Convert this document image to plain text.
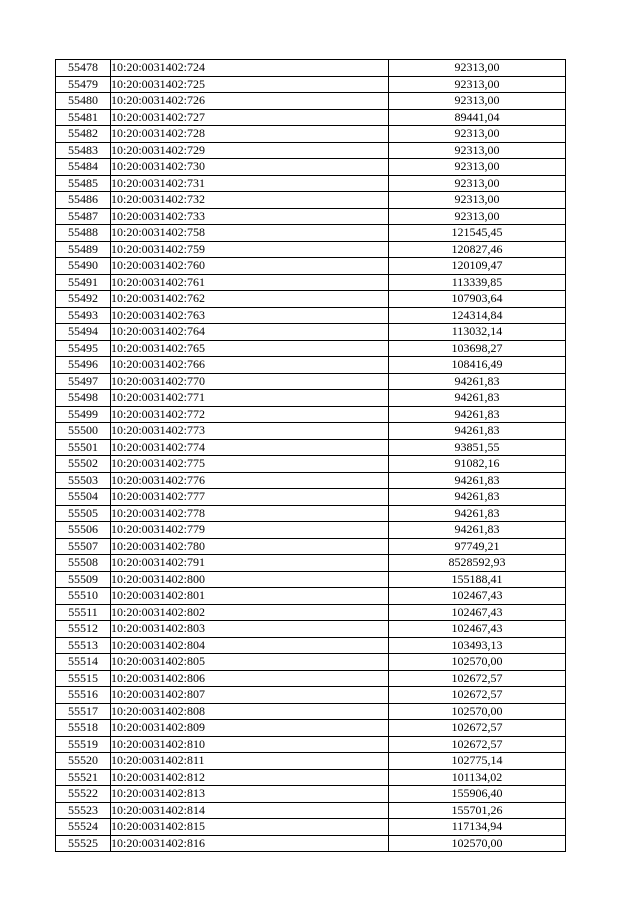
55478	10:20:0031402:724	92313,00
55479	10:20:0031402:725	92313,00
55480	10:20:0031402:726	92313,00
55481	10:20:0031402:727	89441,04
55482	10:20:0031402:728	92313,00
55483	10:20:0031402:729	92313,00
55484	10:20:0031402:730	92313,00
55485	10:20:0031402:731	92313,00
55486	10:20:0031402:732	92313,00
55487	10:20:0031402:733	92313,00
55488	10:20:0031402:758	121545,45
55489	10:20:0031402:759	120827,46
55490	10:20:0031402:760	120109,47
55491	10:20:0031402:761	113339,85
55492	10:20:0031402:762	107903,64
55493	10:20:0031402:763	124314,84
55494	10:20:0031402:764	113032,14
55495	10:20:0031402:765	103698,27
55496	10:20:0031402:766	108416,49
55497	10:20:0031402:770	94261,83
55498	10:20:0031402:771	94261,83
55499	10:20:0031402:772	94261,83
55500	10:20:0031402:773	94261,83
55501	10:20:0031402:774	93851,55
55502	10:20:0031402:775	91082,16
55503	10:20:0031402:776	94261,83
55504	10:20:0031402:777	94261,83
55505	10:20:0031402:778	94261,83
55506	10:20:0031402:779	94261,83
55507	10:20:0031402:780	97749,21
55508	10:20:0031402:791	8528592,93
55509	10:20:0031402:800	155188,41
55510	10:20:0031402:801	102467,43
55511	10:20:0031402:802	102467,43
55512	10:20:0031402:803	102467,43
55513	10:20:0031402:804	103493,13
55514	10:20:0031402:805	102570,00
55515	10:20:0031402:806	102672,57
55516	10:20:0031402:807	102672,57
55517	10:20:0031402:808	102570,00
55518	10:20:0031402:809	102672,57
55519	10:20:0031402:810	102672,57
55520	10:20:0031402:811	102775,14
55521	10:20:0031402:812	101134,02
55522	10:20:0031402:813	155906,40
55523	10:20:0031402:814	155701,26
55524	10:20:0031402:815	117134,94
55525	10:20:0031402:816	102570,00
